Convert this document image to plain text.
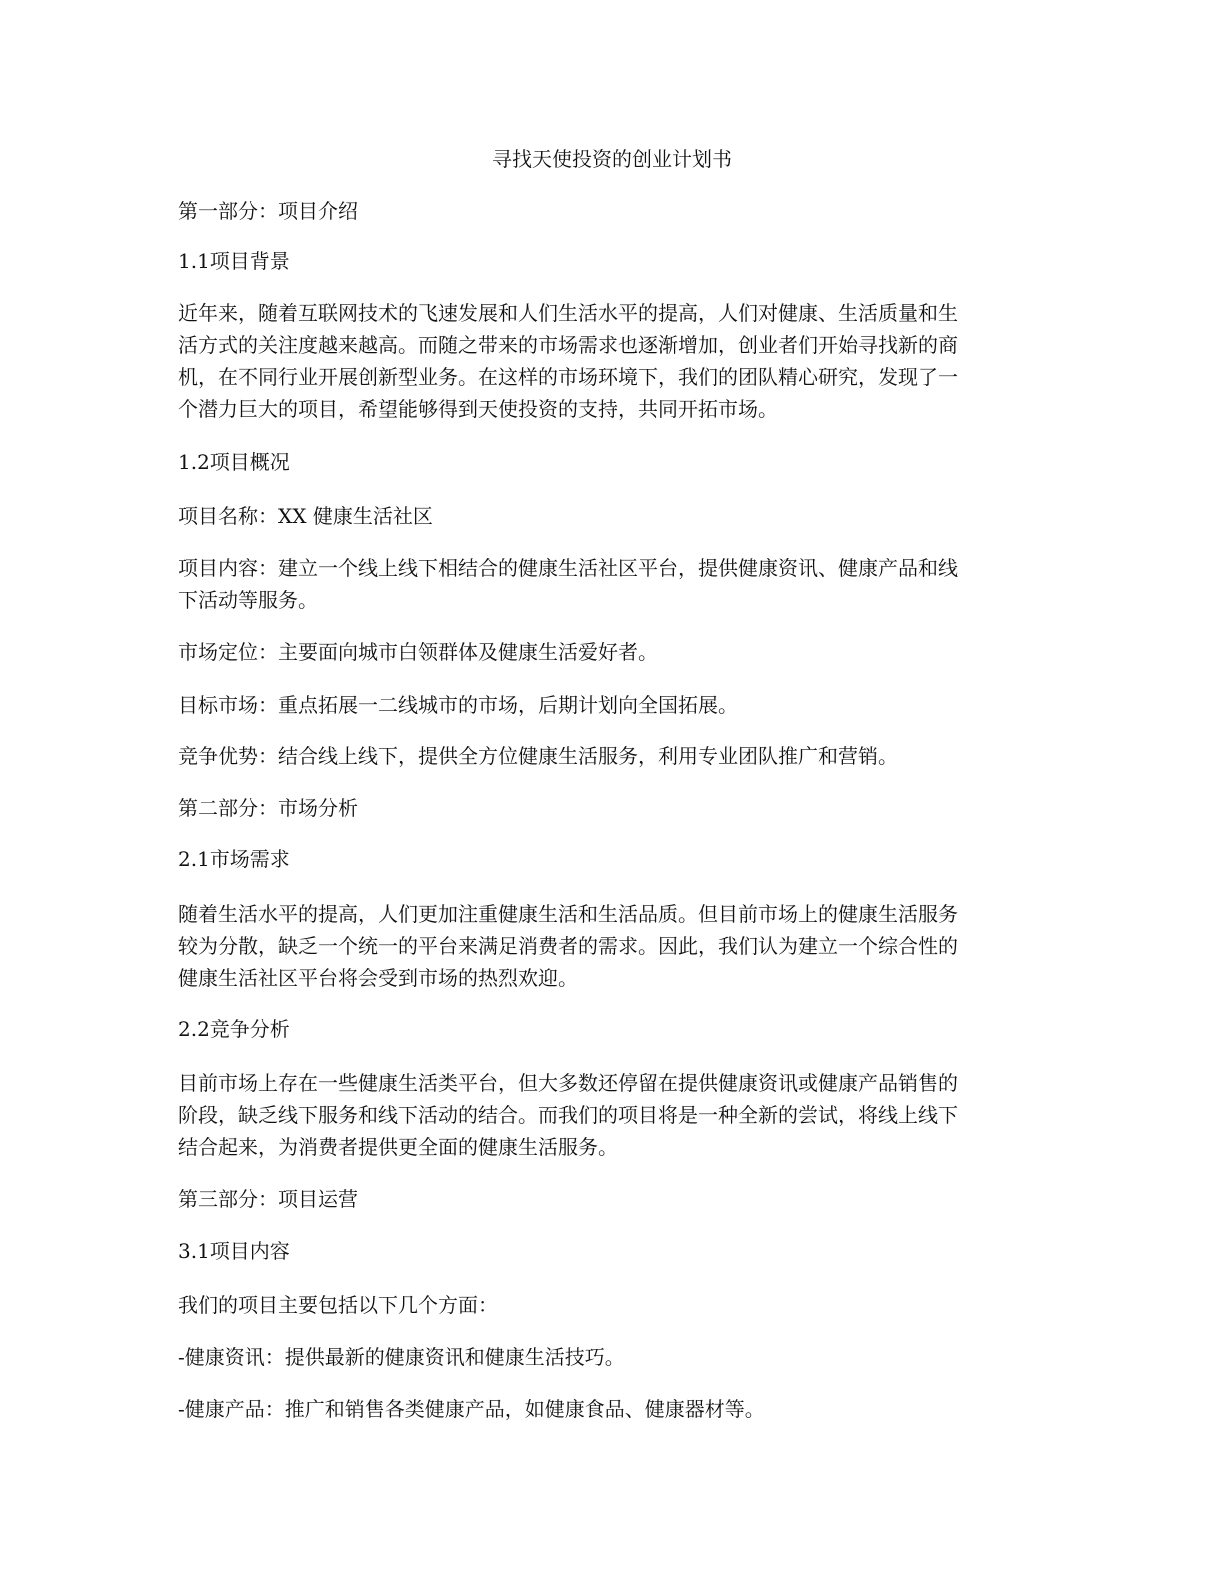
寻找天使投资的创业计划书

第一部分：项目介绍

1.1项目背景

近年来，随着互联网技术的飞速发展和人们生活水平的提高，人们对健康、生活质量和生
活方式的关注度越来越高。而随之带来的市场需求也逐渐增加，创业者们开始寻找新的商
机，在不同行业开展创新型业务。在这样的市场环境下，我们的团队精心研究，发现了一
个潜力巨大的项目，希望能够得到天使投资的支持，共同开拓市场。

1.2项目概况

项目名称：XX 健康生活社区

项目内容：建立一个线上线下相结合的健康生活社区平台，提供健康资讯、健康产品和线
下活动等服务。

市场定位：主要面向城市白领群体及健康生活爱好者。

目标市场：重点拓展一二线城市的市场，后期计划向全国拓展。

竞争优势：结合线上线下，提供全方位健康生活服务，利用专业团队推广和营销。

第二部分：市场分析

2.1市场需求

随着生活水平的提高，人们更加注重健康生活和生活品质。但目前市场上的健康生活服务
较为分散，缺乏一个统一的平台来满足消费者的需求。因此，我们认为建立一个综合性的
健康生活社区平台将会受到市场的热烈欢迎。

2.2竞争分析

目前市场上存在一些健康生活类平台，但大多数还停留在提供健康资讯或健康产品销售的
阶段，缺乏线下服务和线下活动的结合。而我们的项目将是一种全新的尝试，将线上线下
结合起来，为消费者提供更全面的健康生活服务。

第三部分：项目运营

3.1项目内容

我们的项目主要包括以下几个方面：

-健康资讯：提供最新的健康资讯和健康生活技巧。

-健康产品：推广和销售各类健康产品，如健康食品、健康器材等。
